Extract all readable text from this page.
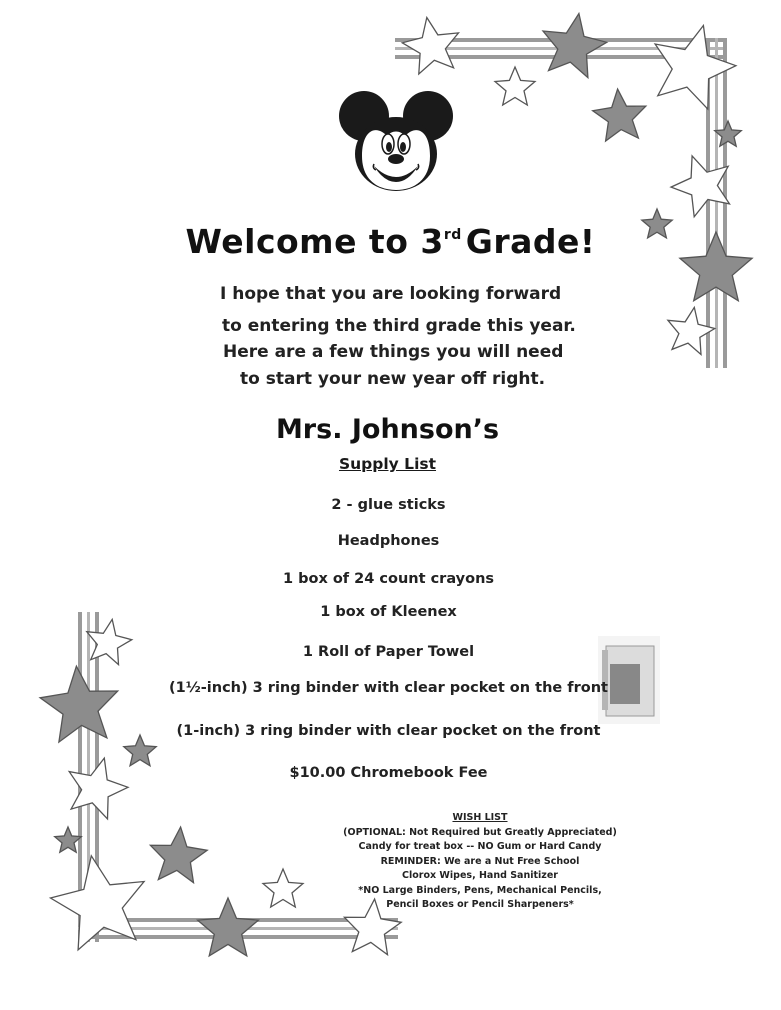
Welcome to 3rd Grade!
I hope that you are looking forward
to entering the third grade this year.
Here are a few things you will need
to start your new year off right.
Mrs. Johnson’s
Supply List
2 - glue sticks
Headphones
1 box of 24 count crayons
1 box of Kleenex
1 Roll of Paper Towel
(1½-inch) 3 ring binder with clear pocket on the front
(1-inch) 3 ring binder with clear pocket on the front
$10.00 Chromebook Fee
WISH LIST
(OPTIONAL: Not Required but Greatly Appreciated)
Candy for treat box -- NO Gum or Hard Candy
REMINDER: We are a Nut Free School
Clorox Wipes, Hand Sanitizer
*NO Large Binders, Pens, Mechanical Pencils,
Pencil Boxes or Pencil Sharpeners*
